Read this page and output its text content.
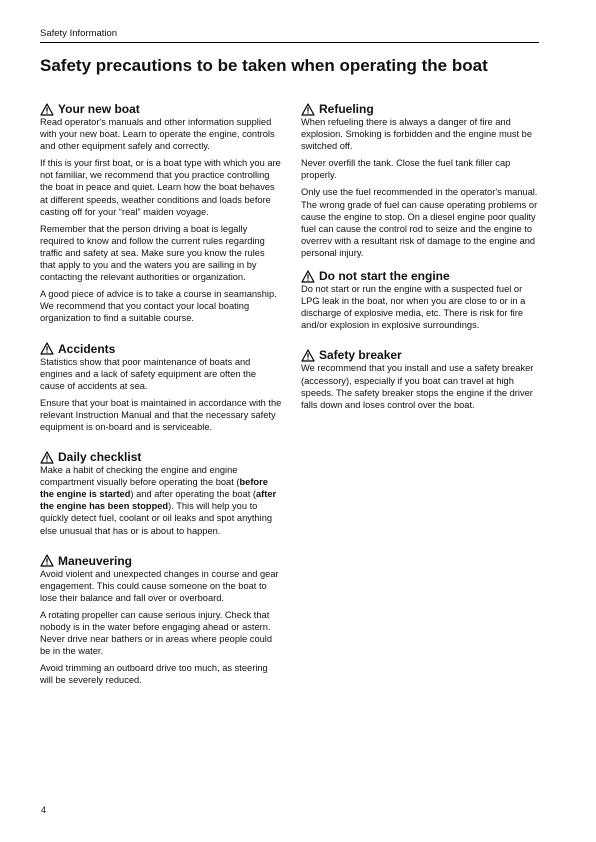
Safety Information
Safety precautions to be taken when operating the boat
Your new boat

Read operator's manuals and other information supplied with your new boat. Learn to operate the engine, controls and other equipment safely and correctly.

If this is your first boat, or is a boat type with which you are not familiar, we recommend that you practice controlling the boat in peace and quiet. Learn how the boat behaves at different speeds, weather conditions and loads before casting off for your “real” maiden voyage.

Remember that the person driving a boat is legally required to know and follow the current rules regarding traffic and safety at sea. Make sure you know the rules that apply to you and the waters you are sailing in by contacting the relevant authorities or organization.

A good piece of advice is to take a course in seamanship. We recommend that you contact your local boating organization to find a suitable course.

Accidents

Statistics show that poor maintenance of boats and engines and a lack of safety equipment are often the cause of accidents at sea.

Ensure that your boat is maintained in accordance with the relevant Instruction Manual and that the necessary safety equipment is on-board and is serviceable.

Daily checklist

Make a habit of checking the engine and engine compartment visually before operating the boat (before the engine is started) and after operating the boat (after the engine has been stopped). This will help you to quickly detect fuel, coolant or oil leaks and spot anything else unusual that has or is about to happen.

Maneuvering

Avoid violent and unexpected changes in course and gear engagement. This could cause someone on the boat to lose their balance and fall over or overboard.

A rotating propeller can cause serious injury. Check that nobody is in the water before engaging ahead or astern. Never drive near bathers or in areas where people could be in the water.

Avoid trimming an outboard drive too much, as steering will be severely reduced.

Refueling

When refueling there is always a danger of fire and explosion. Smoking is forbidden and the engine must be switched off.

Never overfill the tank. Close the fuel tank filler cap properly.

Only use the fuel recommended in the operator's manual. The wrong grade of fuel can cause operating problems or cause the engine to stop. On a diesel engine poor quality fuel can cause the control rod to seize and the engine to overrev with a resultant risk of damage to the engine and personal injury.

Do not start the engine

Do not start or run the engine with a suspected fuel or LPG leak in the boat, nor when you are close to or in a discharge of explosive media, etc. There is risk for fire and/or explosion in explosive surroundings.

Safety breaker

We recommend that you install and use a safety breaker (accessory), especially if you boat can travel at high speeds. The safety breaker stops the engine if the driver falls down and loses control over the boat.

4
